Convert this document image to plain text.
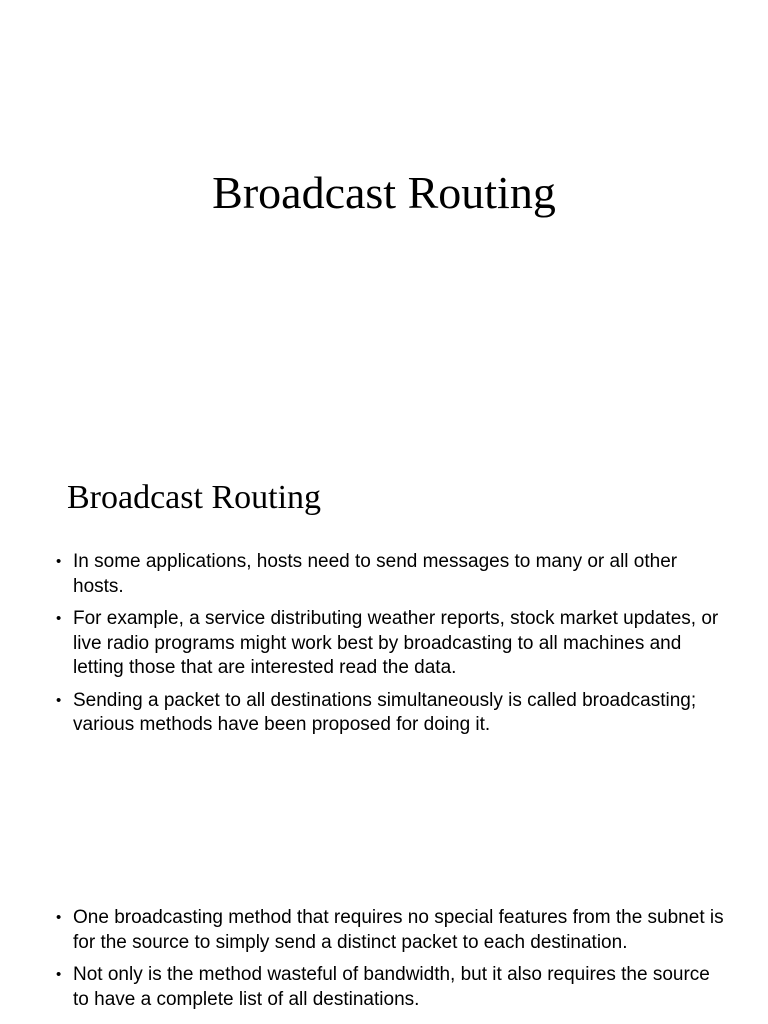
Broadcast Routing
Broadcast Routing
• In some applications, hosts need to send messages to many or all other hosts.
• For example, a service distributing weather reports, stock market updates, or live radio programs might work best by broadcasting to all machines and letting those that are interested read the data.
• Sending a packet to all destinations simultaneously is called broadcasting; various methods have been proposed for doing it.
• One broadcasting method that requires no special features from the subnet is for the source to simply send a distinct packet to each destination.
• Not only is the method wasteful of bandwidth, but it also requires the source to have a complete list of all destinations.
